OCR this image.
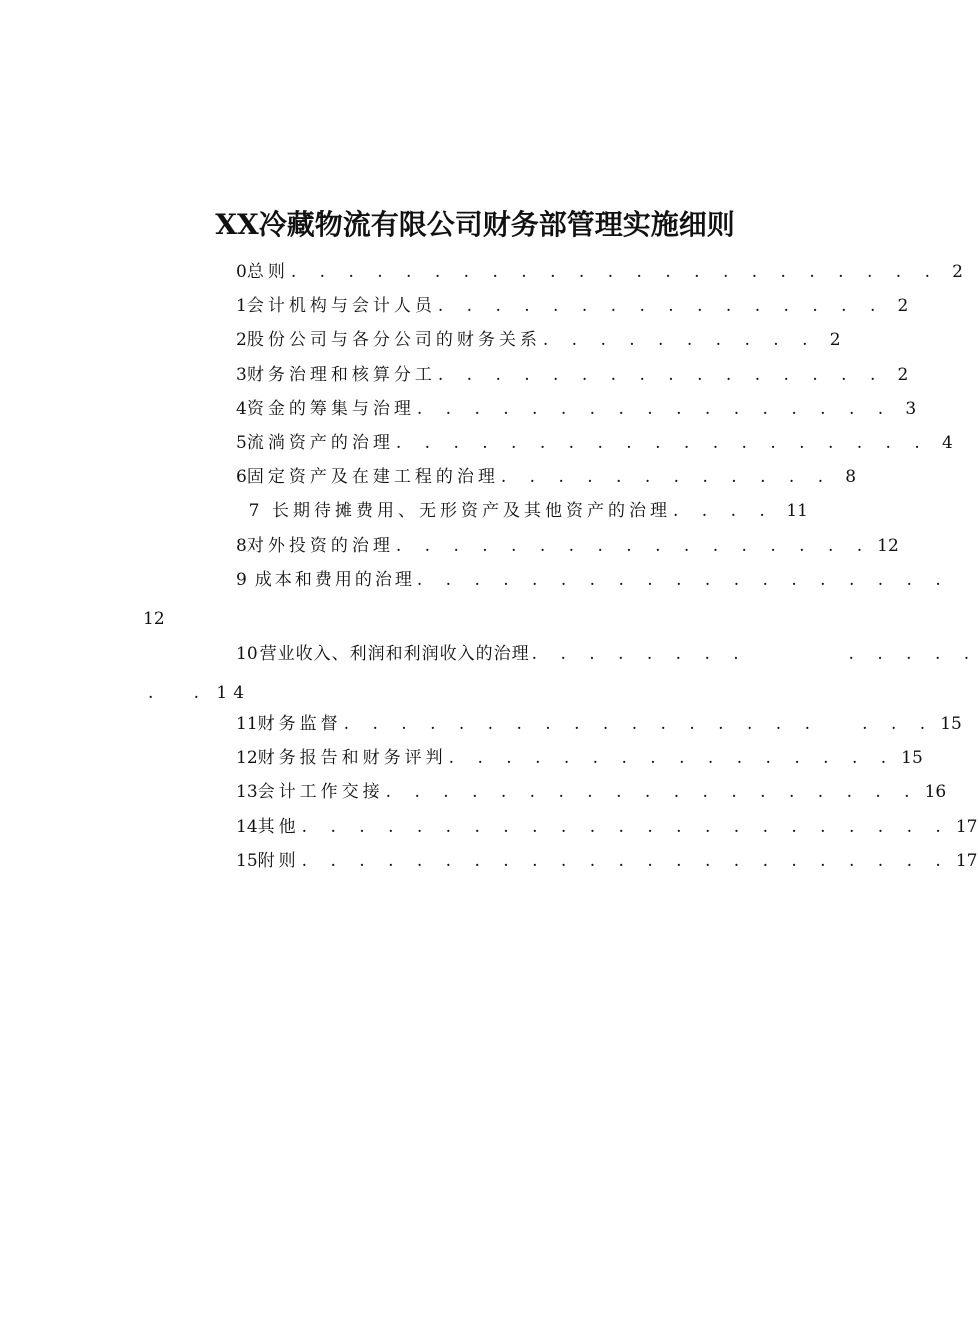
XX冷藏物流有限公司财务部管理实施细则
0 总则 . . . . . . . . . . . . . . . . . . . . . . . 2
1 会计机构与会计人员 . . . . . . . . . . . . . . . . 2
2 股份公司与各分公司的财务关系 . . . . . . . . . . 2
3 财务治理和核算分工 . . . . . . . . . . . . . . . . 2
4 资金的筹集与治理 . . . . . . . . . . . . . . . . . 3
5 流淌资产的治理 . . . . . . . . . . . . . . . . . . . 4
6 固定资产及在建工程的治理 . . . . . . . . . . . . 8
7 长期待摊费用、无形资产及其他资产的治理 . . . . 11
8 对外投资的治理 . . . . . . . . . . . . . . . . . 12
9 成本和费用的治理 . . . . . . . . . . . . . . . . . . .
12
10 营业收入、利润和利润收入的治理 . . . . . . . .       . . . . .
.   . 14
11 财务监督 . . . . . . . . . . . . . . . . .   . . . 15
12 财务报告和财务评判 . . . . . . . . . . . . . . . . 15
13 会计工作交接 . . . . . . . . . . . . . . . . . . . 16
14 其他 . . . . . . . . . . . . . . . . . . . . . . . 17
15 附则 . . . . . . . . . . . . . . . . . . . . . . . 17
